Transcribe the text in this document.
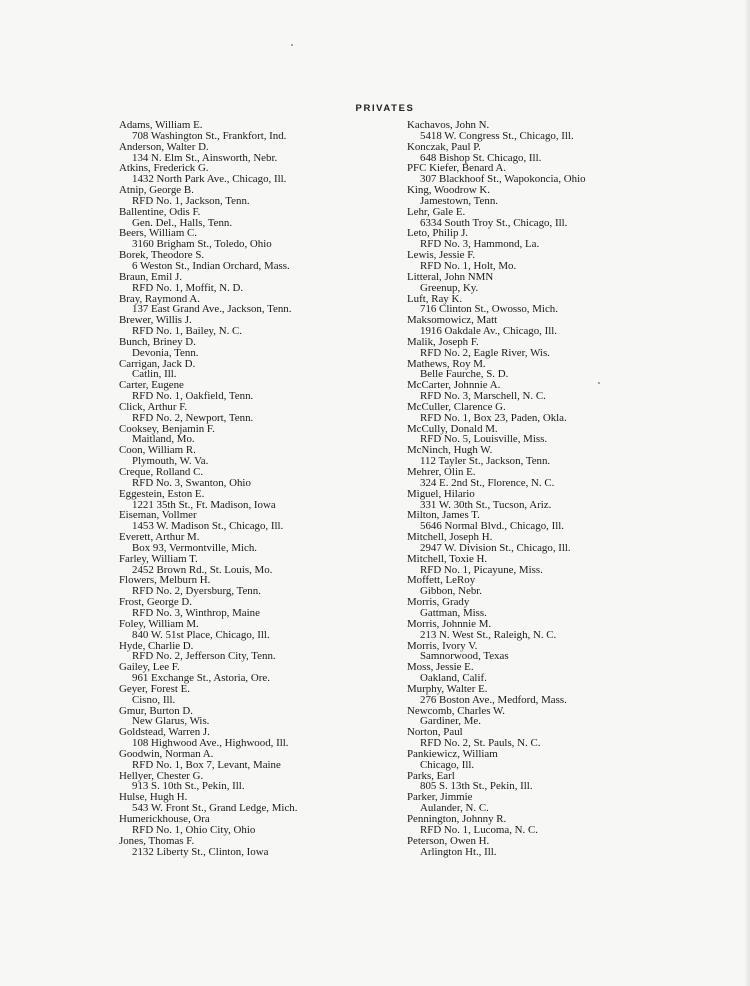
PRIVATES
Adams, William E.
708 Washington St., Frankfort, Ind.
Anderson, Walter D.
134 N. Elm St., Ainsworth, Nebr.
Atkins, Frederick G.
1432 North Park Ave., Chicago, Ill.
Atnip, George B.
RFD No. 1, Jackson, Tenn.
Ballentine, Odis F.
Gen. Del., Halls, Tenn.
Beers, William C.
3160 Brigham St., Toledo, Ohio
Borek, Theodore S.
6 Weston St., Indian Orchard, Mass.
Braun, Emil J.
RFD No. 1, Moffit, N. D.
Bray, Raymond A.
137 East Grand Ave., Jackson, Tenn.
Brewer, Willis J.
RFD No. 1, Bailey, N. C.
Bunch, Briney D.
Devonia, Tenn.
Carrigan, Jack D.
Catlin, Ill.
Carter, Eugene
RFD No. 1, Oakfield, Tenn.
Click, Arthur F.
RFD No. 2, Newport, Tenn.
Cooksey, Benjamin F.
Maitland, Mo.
Coon, William R.
Plymouth, W. Va.
Creque, Rolland C.
RFD No. 3, Swanton, Ohio
Eggestein, Eston E.
1221 35th St., Ft. Madison, Iowa
Eiseman, Vollmer
1453 W. Madison St., Chicago, Ill.
Everett, Arthur M.
Box 93, Vermontville, Mich.
Farley, William T.
2452 Brown Rd., St. Louis, Mo.
Flowers, Melburn H.
RFD No. 2, Dyersburg, Tenn.
Frost, George D.
RFD No. 3, Winthrop, Maine
Foley, William M.
840 W. 51st Place, Chicago, Ill.
Hyde, Charlie D.
RFD No. 2, Jefferson City, Tenn.
Gailey, Lee F.
961 Exchange St., Astoria, Ore.
Geyer, Forest E.
Cisno, Ill.
Gmur, Burton D.
New Glarus, Wis.
Goldstead, Warren J.
108 Highwood Ave., Highwood, Ill.
Goodwin, Norman A.
RFD No. 1, Box 7, Levant, Maine
Hellyer, Chester G.
913 S. 10th St., Pekin, Ill.
Hulse, Hugh H.
543 W. Front St., Grand Ledge, Mich.
Humerickhouse, Ora
RFD No. 1, Ohio City, Ohio
Jones, Thomas F.
2132 Liberty St., Clinton, Iowa
Kachavos, John N.
5418 W. Congress St., Chicago, Ill.
Konczak, Paul P.
648 Bishop St. Chicago, Ill.
PFC Kiefer, Benard A.
307 Blackhoof St., Wapokoncia, Ohio
King, Woodrow K.
Jamestown, Tenn.
Lehr, Gale E.
6334 South Troy St., Chicago, Ill.
Leto, Philip J.
RFD No. 3, Hammond, La.
Lewis, Jessie F.
RFD No. 1, Holt, Mo.
Litteral, John NMN
Greenup, Ky.
Luft, Ray K.
716 Clinton St., Owosso, Mich.
Maksomowicz, Matt
1916 Oakdale Av., Chicago, Ill.
Malik, Joseph F.
RFD No. 2, Eagle River, Wis.
Mathews, Roy M.
Belle Faurche, S. D.
McCarter, Johnnie A.
RFD No. 3, Marschell, N. C.
McCuller, Clarence G.
RFD No. 1, Box 23, Paden, Okla.
McCully, Donald M.
RFD No. 5, Louisville, Miss.
McNinch, Hugh W.
112 Tayler St., Jackson, Tenn.
Mehrer, Olin E.
324 E. 2nd St., Florence, N. C.
Miguel, Hilario
331 W. 30th St., Tucson, Ariz.
Milton, James T.
5646 Normal Blvd., Chicago, Ill.
Mitchell, Joseph H.
2947 W. Division St., Chicago, Ill.
Mitchell, Toxie H.
RFD No. 1, Picayune, Miss.
Moffett, LeRoy
Gibbon, Nebr.
Morris, Grady
Gattman, Miss.
Morris, Johnnie M.
213 N. West St., Raleigh, N. C.
Morris, Ivory V.
Samnorwood, Texas
Moss, Jessie E.
Oakland, Calif.
Murphy, Walter E.
276 Boston Ave., Medford, Mass.
Newcomb, Charles W.
Gardiner, Me.
Norton, Paul
RFD No. 2, St. Pauls, N. C.
Pankiewicz, William
Chicago, Ill.
Parks, Earl
805 S. 13th St., Pekin, Ill.
Parker, Jimmie
Aulander, N. C.
Pennington, Johnny R.
RFD No. 1, Lucoma, N. C.
Peterson, Owen H.
Arlington Ht., Ill.
